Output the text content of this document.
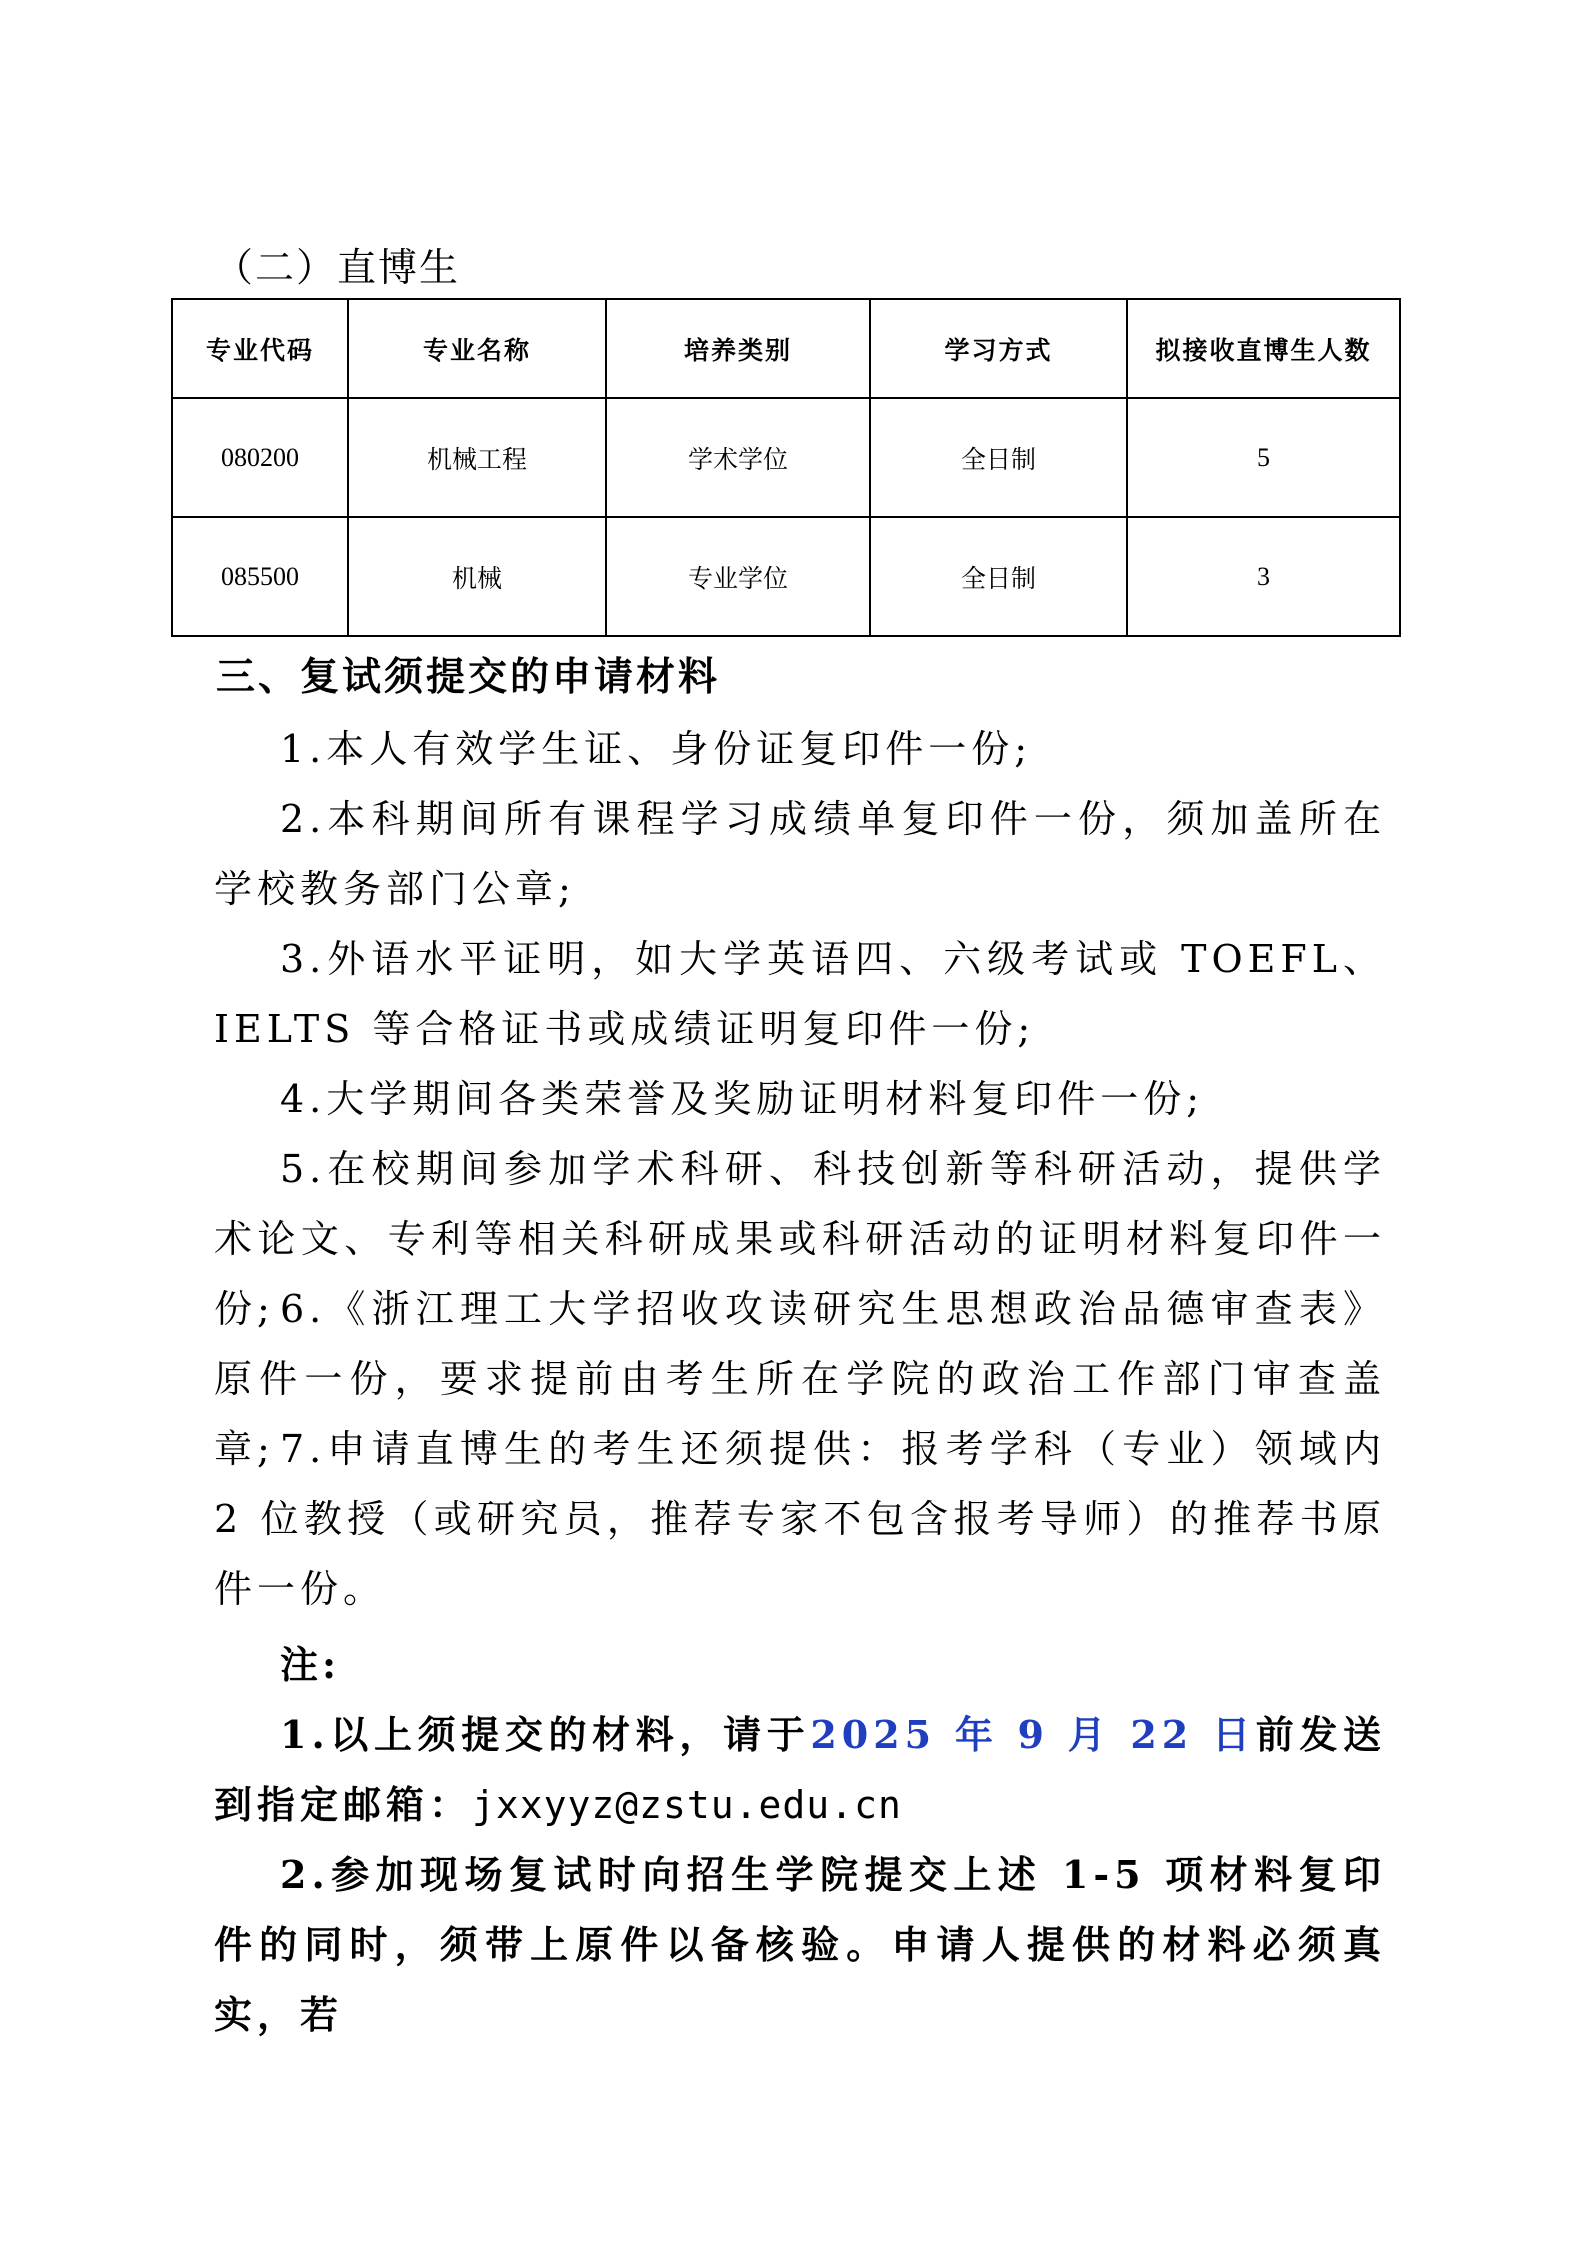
（二）直博生
专业代码	专业名称	培养类别	学习方式	拟接收直博生人数
080200	机械工程	学术学位	全日制	5
085500	机械	专业学位	全日制	3
三、复试须提交的申请材料

1.本人有效学生证、身份证复印件一份;

2.本科期间所有课程学习成绩单复印件一份，须加盖所在学校教务部门公章;

3.外语水平证明，如大学英语四、六级考试或 TOEFL、IELTS 等合格证书或成绩证明复印件一份;

4.大学期间各类荣誉及奖励证明材料复印件一份;

5.在校期间参加学术科研、科技创新等科研活动，提供学术论文、专利等相关科研成果或科研活动的证明材料复印件一份; 6.《浙江理工大学招收攻读研究生思想政治品德审查表》原件一份，要求提前由考生所在学院的政治工作部门审查盖章; 7.申请直博生的考生还须提供：报考学科（专业）领域内 2 位教授（或研究员，推荐专家不包含报考导师）的推荐书原件一份。

注:

1.以上须提交的材料，请于2025 年 9 月 22 日前发送到指定邮箱：jxxyyz@zstu.edu.cn

2.参加现场复试时向招生学院提交上述 1-5 项材料复印件的同时，须带上原件以备核验。申请人提供的材料必须真实，若
